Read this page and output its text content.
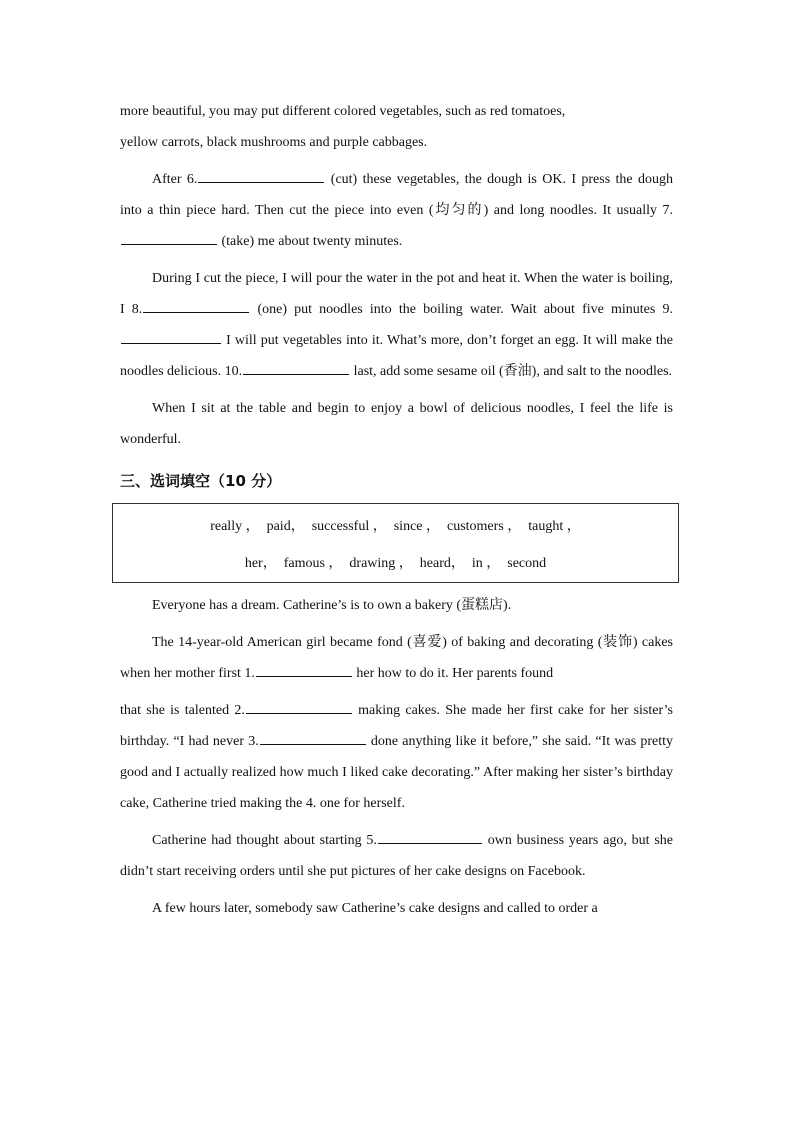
more beautiful, you may put different colored vegetables, such as red tomatoes,
yellow carrots, black mushrooms and purple cabbages.

After 6.	(cut) these vegetables, the dough is OK. I press the dough into a thin piece hard. Then cut the piece into even (均匀的) and long noodles. It usually 7. (take) me about twenty minutes.

During I cut the piece, I will pour the water in the pot and heat it. When the water is boiling, I 8.	(one) put noodles into the boiling water. Wait about five minutes 9. I will put vegetables into it. What’s more, don’t forget an egg. It will make the noodles delicious. 10.	last, add some sesame oil (香油), and salt to the noodles.

When I sit at the table and begin to enjoy a bowl of delicious noodles, I feel the life is wonderful.

三、选词填空（10 分）
really ，  paid，  successful ，  since ，  customers ，  taught ，
her，  famous ，  drawing ，  heard，  in ，  second

Everyone has a dream. Catherine’s is to own a bakery (蛋糕店).

The 14-year-old American girl became fond (喜爱) of baking and decorating (装饰) cakes when her mother first 1.	her how to do it. Her parents found

that she is talented 2.	making cakes. She made her first cake for her sister’s birthday. “I had never 3.	done anything like it before,” she said. “It was pretty good and I actually realized how much I liked cake decorating.” After making her sister’s birthday cake, Catherine tried making the 4. one for herself.

Catherine had thought about starting 5.	own business years ago, but she didn’t start receiving orders until she put pictures of her cake designs on Facebook.

A few hours later, somebody saw Catherine’s cake designs and called to order a
